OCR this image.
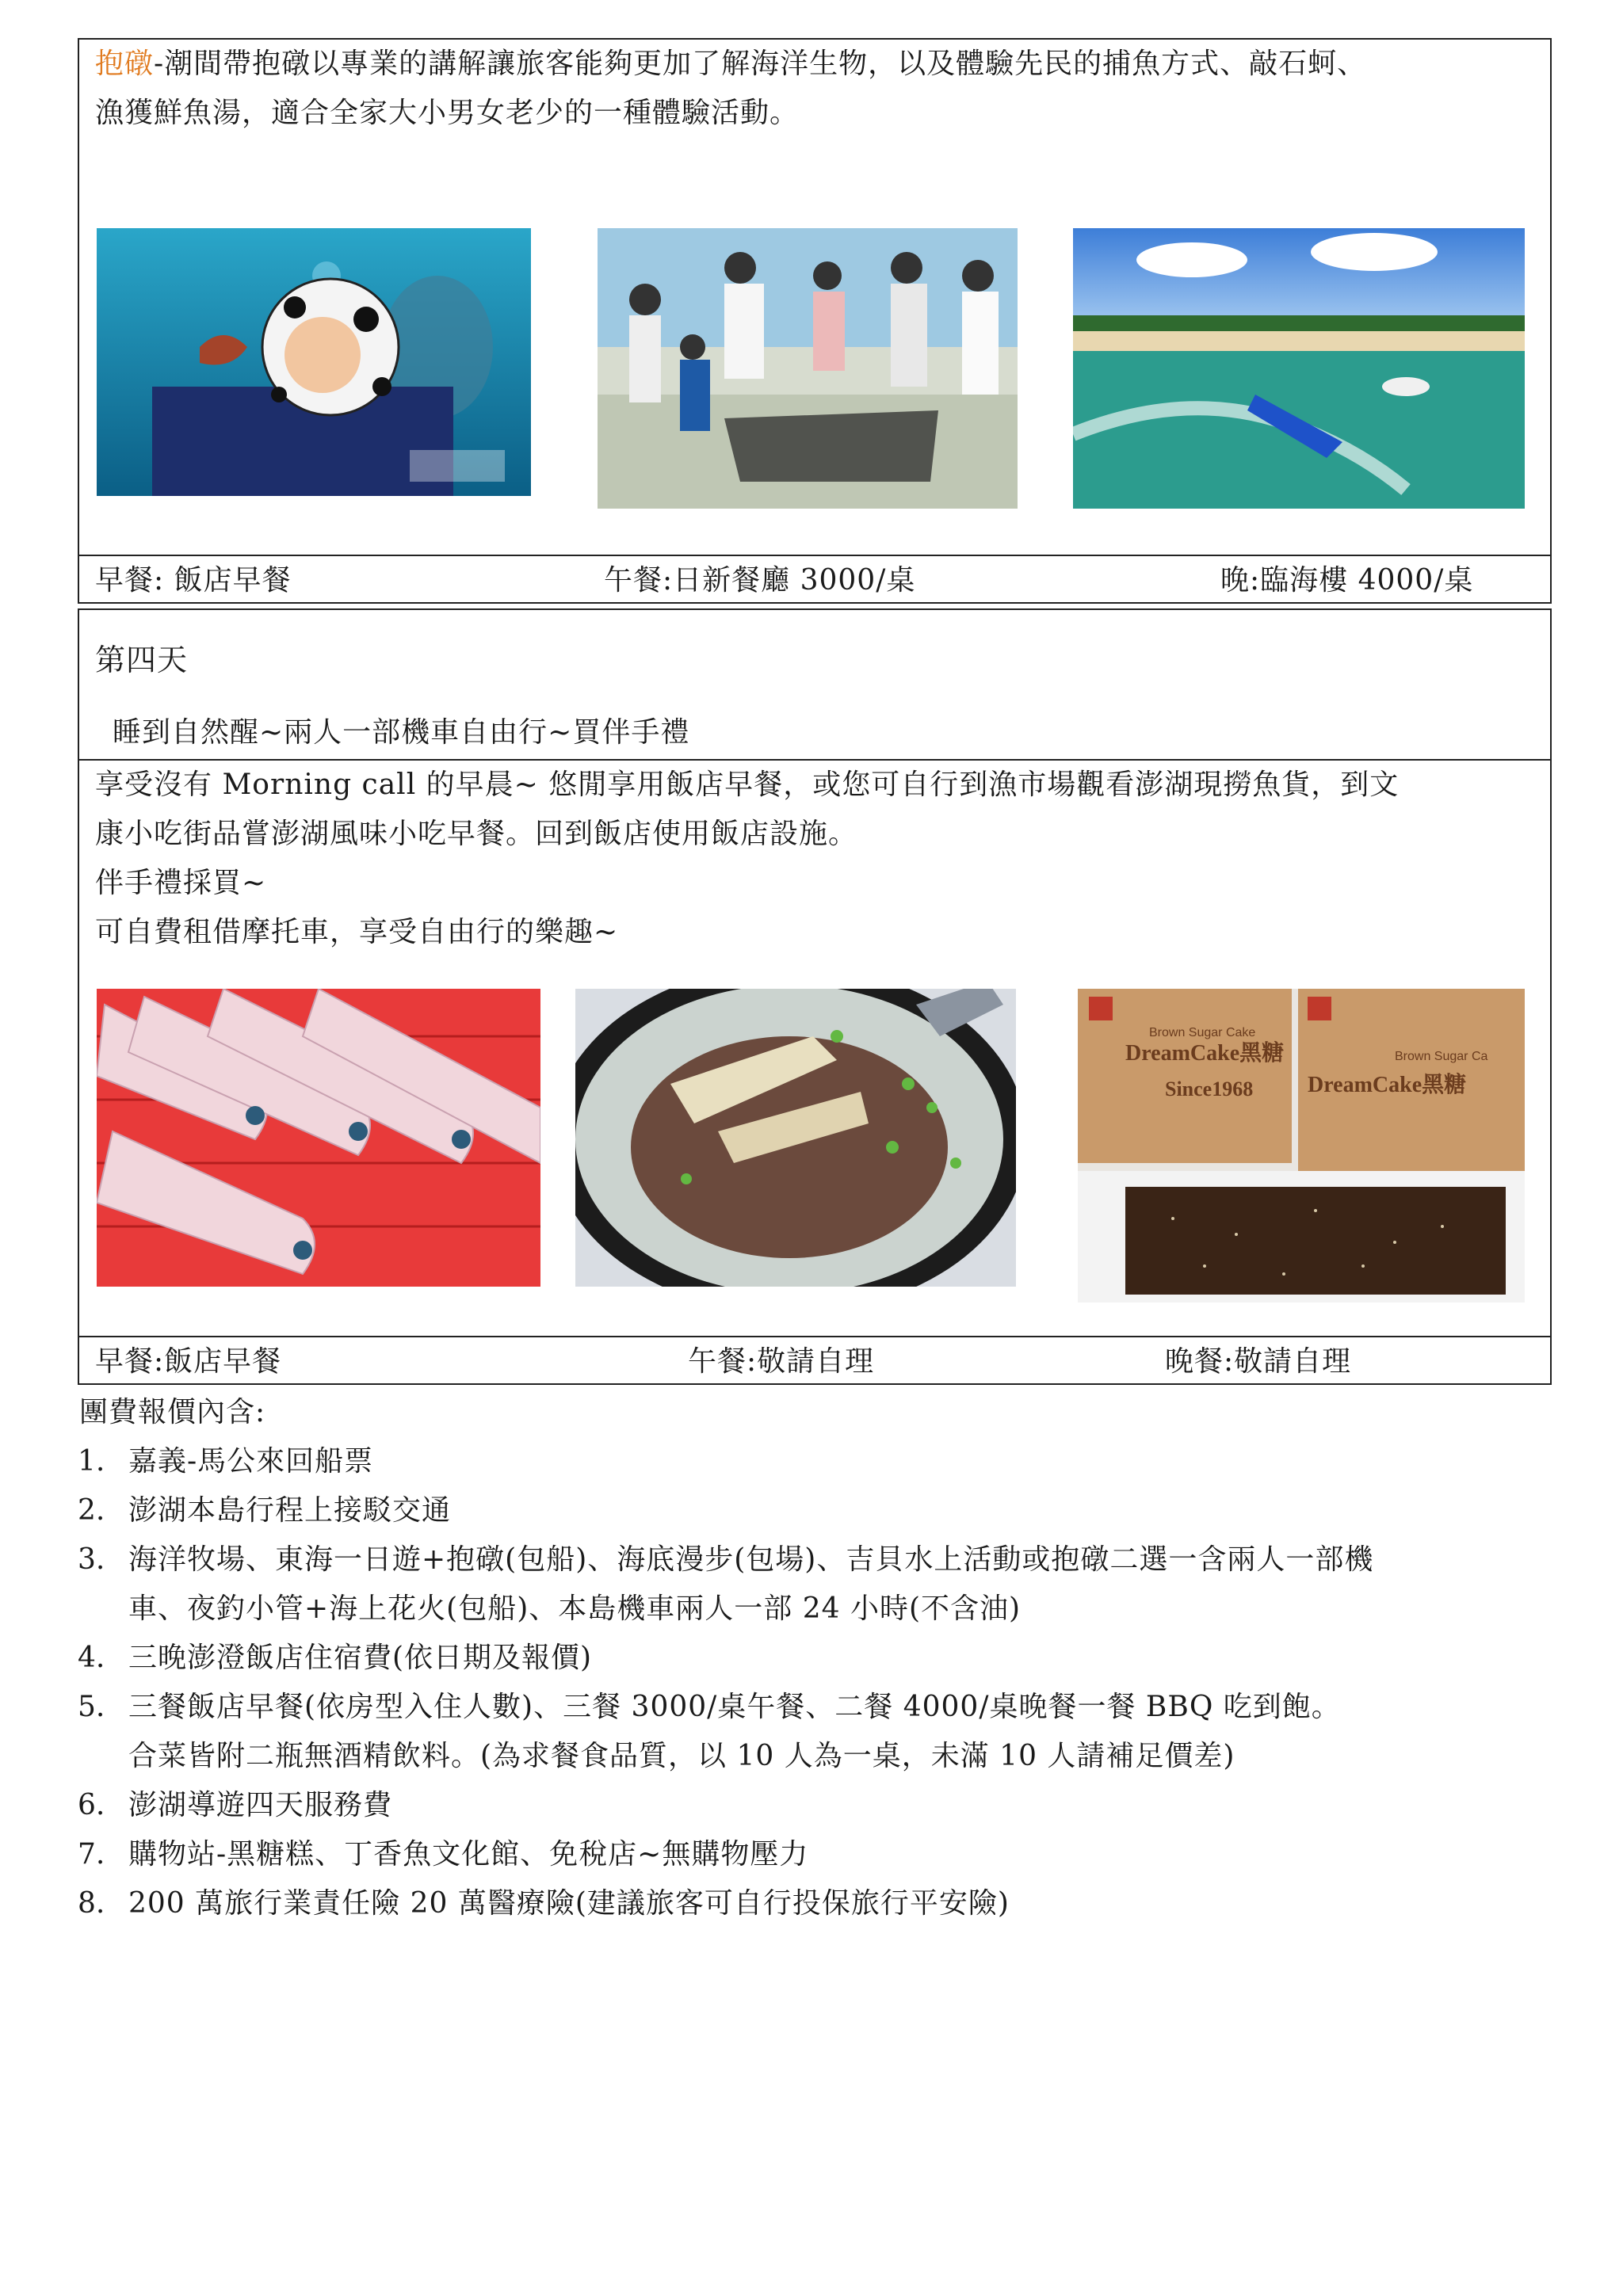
抱礅-潮間帶抱礅以專業的講解讓旅客能夠更加了解海洋生物，以及體驗先民的捕魚方式、敲石蚵、
漁獲鮮魚湯，適合全家大小男女老少的一種體驗活動。
早餐: 飯店早餐	午餐:日新餐廳 3000/桌	晚:臨海樓 4000/桌
第四天
睡到自然醒~兩人一部機車自由行~買伴手禮
享受沒有 Morning call 的早晨~ 悠閒享用飯店早餐，或您可自行到漁市場觀看澎湖現撈魚貨，到文
康小吃街品嘗澎湖風味小吃早餐。回到飯店使用飯店設施。
伴手禮採買~
可自費租借摩托車，享受自由行的樂趣~
Brown Sugar Cake
DreamCake黑糖
Since1968
Brown Sugar Ca
DreamCake黑糖
早餐:飯店早餐	午餐:敬請自理	晚餐:敬請自理
團費報價內含:
1. 嘉義-馬公來回船票
2. 澎湖本島行程上接駁交通
3. 海洋牧場、東海一日遊+抱礅(包船)、海底漫步(包場)、吉貝水上活動或抱礅二選一含兩人一部機
車、夜釣小管+海上花火(包船)、本島機車兩人一部 24 小時(不含油)
4. 三晚澎澄飯店住宿費(依日期及報價)
5. 三餐飯店早餐(依房型入住人數)、三餐 3000/桌午餐、二餐 4000/桌晚餐一餐 BBQ 吃到飽。
合菜皆附二瓶無酒精飲料。(為求餐食品質，以 10 人為一桌，未滿 10 人請補足價差)
6. 澎湖導遊四天服務費
7. 購物站-黑糖糕、丁香魚文化館、免稅店~無購物壓力
8. 200 萬旅行業責任險 20 萬醫療險(建議旅客可自行投保旅行平安險)
